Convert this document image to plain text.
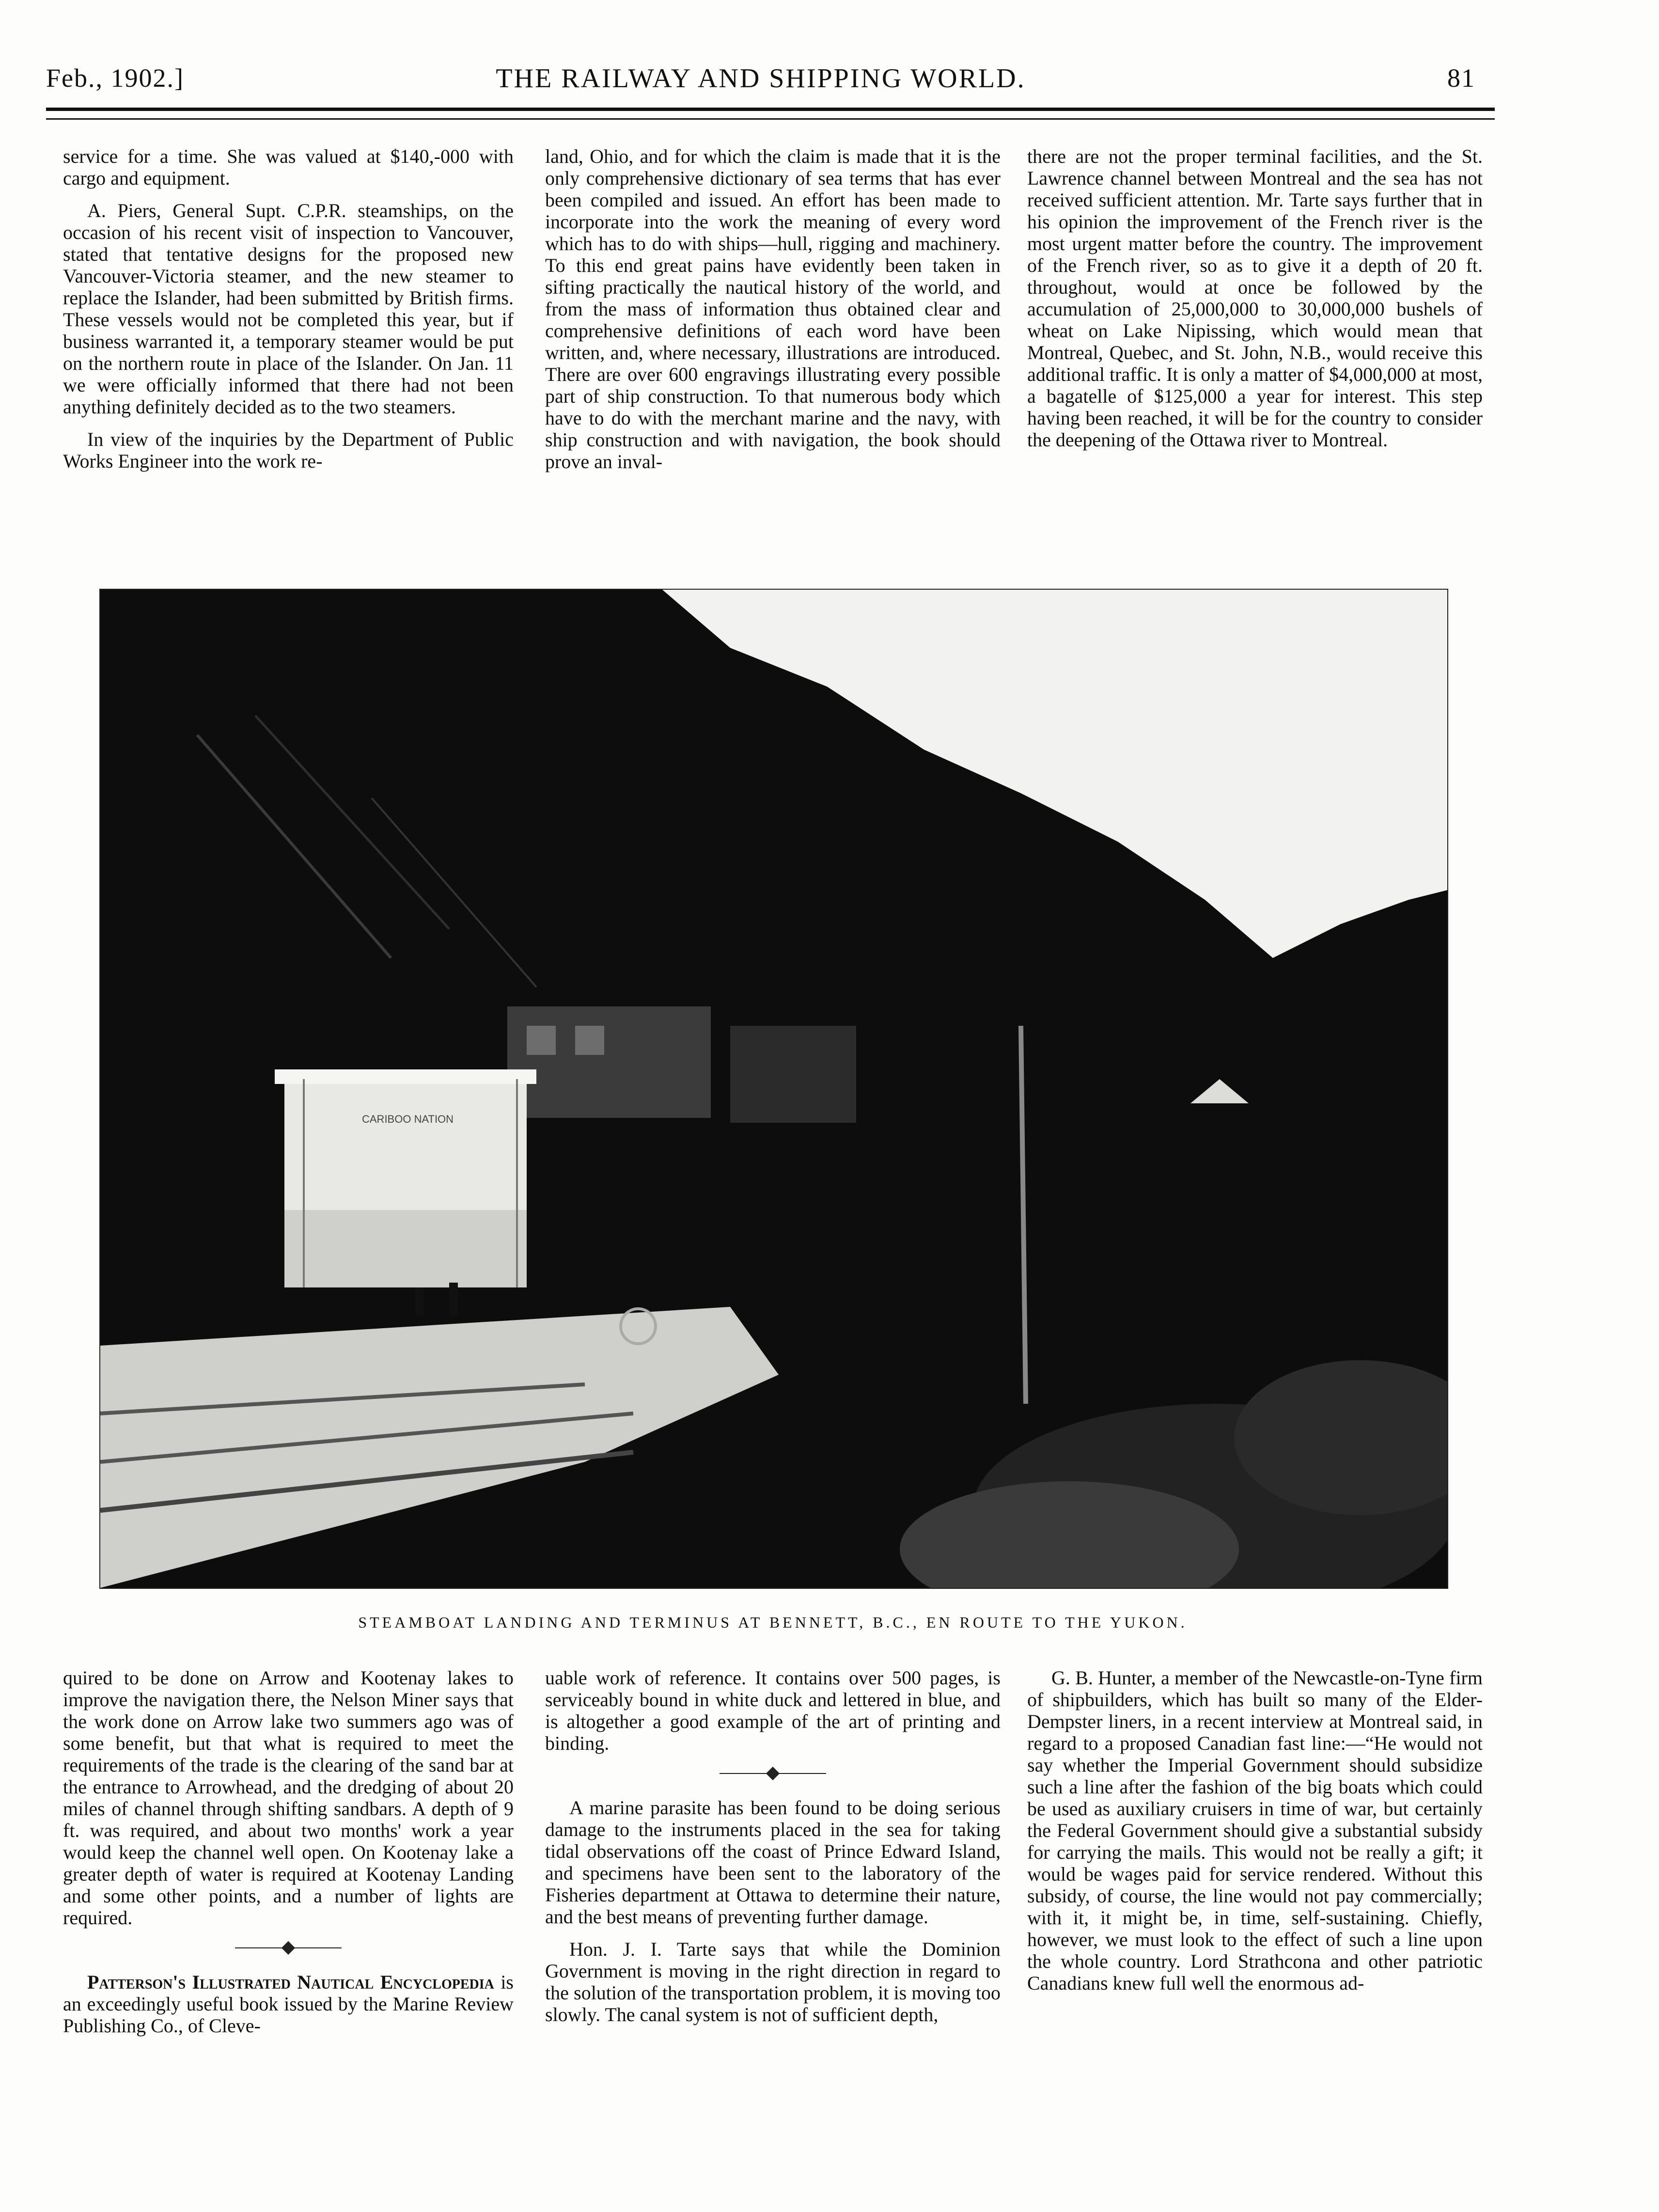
Feb., 1902.]	THE RAILWAY AND SHIPPING WORLD.	81

service for a time. She was valued at $140,-000 with cargo and equipment.

A. Piers, General Supt. C.P.R. steamships, on the occasion of his recent visit of inspection to Vancouver, stated that tentative designs for the proposed new Vancouver-Victoria steamer, and the new steamer to replace the Islander, had been submitted by British firms. These vessels would not be completed this year, but if business warranted it, a temporary steamer would be put on the northern route in place of the Islander. On Jan. 11 we were officially informed that there had not been anything definitely decided as to the two steamers.

In view of the inquiries by the Department of Public Works Engineer into the work re-

land, Ohio, and for which the claim is made that it is the only comprehensive dictionary of sea terms that has ever been compiled and issued. An effort has been made to incorporate into the work the meaning of every word which has to do with ships—hull, rigging and machinery. To this end great pains have evidently been taken in sifting practically the nautical history of the world, and from the mass of information thus obtained clear and comprehensive definitions of each word have been written, and, where necessary, illustrations are introduced. There are over 600 engravings illustrating every possible part of ship construction. To that numerous body which have to do with the merchant marine and the navy, with ship construction and with navigation, the book should prove an inval-

there are not the proper terminal facilities, and the St. Lawrence channel between Montreal and the sea has not received sufficient attention. Mr. Tarte says further that in his opinion the improvement of the French river is the most urgent matter before the country. The improvement of the French river, so as to give it a depth of 20 ft. throughout, would at once be followed by the accumulation of 25,000,000 to 30,000,000 bushels of wheat on Lake Nipissing, which would mean that Montreal, Quebec, and St. John, N.B., would receive this additional traffic. It is only a matter of $4,000,000 at most, a bagatelle of $125,000 a year for interest. This step having been reached, it will be for the country to consider the deepening of the Ottawa river to Montreal.

CARIBOO NATION
STEAMBOAT LANDING AND TERMINUS AT BENNETT, B.C., EN ROUTE TO THE YUKON.

quired to be done on Arrow and Kootenay lakes to improve the navigation there, the Nelson Miner says that the work done on Arrow lake two summers ago was of some benefit, but that what is required to meet the requirements of the trade is the clearing of the sand bar at the entrance to Arrowhead, and the dredging of about 20 miles of channel through shifting sandbars. A depth of 9 ft. was required, and about two months' work a year would keep the channel well open. On Kootenay lake a greater depth of water is required at Kootenay Landing and some other points, and a number of lights are required.

Patterson's Illustrated Nautical Encyclopedia is an exceedingly useful book issued by the Marine Review Publishing Co., of Cleve-

uable work of reference. It contains over 500 pages, is serviceably bound in white duck and lettered in blue, and is altogether a good example of the art of printing and binding.

A marine parasite has been found to be doing serious damage to the instruments placed in the sea for taking tidal observations off the coast of Prince Edward Island, and specimens have been sent to the laboratory of the Fisheries department at Ottawa to determine their nature, and the best means of preventing further damage.

Hon. J. I. Tarte says that while the Dominion Government is moving in the right direction in regard to the solution of the transportation problem, it is moving too slowly. The canal system is not of sufficient depth,

G. B. Hunter, a member of the Newcastle-on-Tyne firm of shipbuilders, which has built so many of the Elder-Dempster liners, in a recent interview at Montreal said, in regard to a proposed Canadian fast line:—“He would not say whether the Imperial Government should subsidize such a line after the fashion of the big boats which could be used as auxiliary cruisers in time of war, but certainly the Federal Government should give a substantial subsidy for carrying the mails. This would not be really a gift; it would be wages paid for service rendered. Without this subsidy, of course, the line would not pay commercially; with it, it might be, in time, self-sustaining. Chiefly, however, we must look to the effect of such a line upon the whole country. Lord Strathcona and other patriotic Canadians knew full well the enormous ad-
